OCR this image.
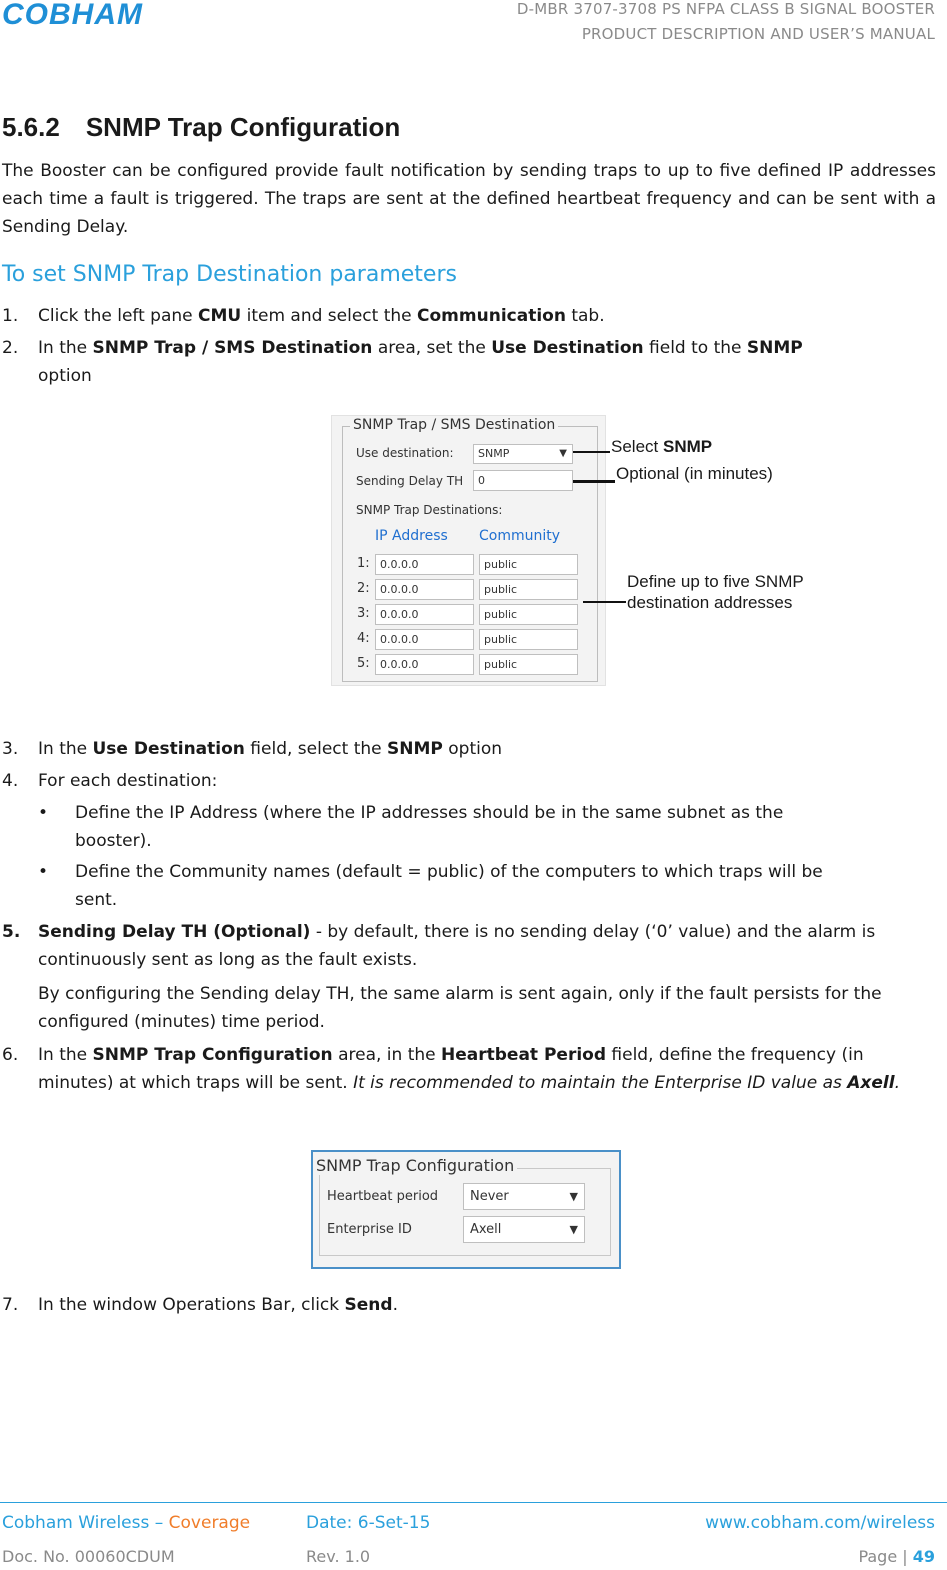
COBHAM	D-MBR 3707-3708 PS NFPA CLASS B SIGNAL BOOSTER
PRODUCT DESCRIPTION AND USER’S MANUAL
5.6.2 SNMP Trap Configuration
The Booster can be configured provide fault notification by sending traps to up to five defined IP addresses each time a fault is triggered. The traps are sent at the defined heartbeat frequency and can be sent with a Sending Delay.
To set SNMP Trap Destination parameters
1. Click the left pane CMU item and select the Communication tab.
2. In the SNMP Trap / SMS Destination area, set the Use Destination field to the SNMP
option
SNMP Trap / SMS Destination
Use destination:	SNMP	▼
Sending Delay TH	0
SNMP Trap Destinations:
IP Address Community
1: 0.0.0.0	public
2: 0.0.0.0	public
3: 0.0.0.0	public
4: 0.0.0.0	public
5: 0.0.0.0	public
Select SNMP
Optional (in minutes)
Define up to five SNMP
destination addresses
3. In the Use Destination field, select the SNMP option
4. For each destination:
• Define the IP Address (where the IP addresses should be in the same subnet as the booster).
• Define the Community names (default = public) of the computers to which traps will be sent.
5. Sending Delay TH (Optional) - by default, there is no sending delay (‘0’ value) and the alarm is continuously sent as long as the fault exists.
By configuring the Sending delay TH, the same alarm is sent again, only if the fault persists for the configured (minutes) time period.
6. In the SNMP Trap Configuration area, in the Heartbeat Period field, define the frequency (in minutes) at which traps will be sent. It is recommended to maintain the Enterprise ID value as Axell.
SNMP Trap Configuration
Heartbeat period	Never	▼
Enterprise ID	Axell	▼
7. In the window Operations Bar, click Send.
Cobham Wireless – Coverage	Date: 6-Set-15	www.cobham.com/wireless
Doc. No. 00060CDUM	Rev. 1.0	Page | 49
